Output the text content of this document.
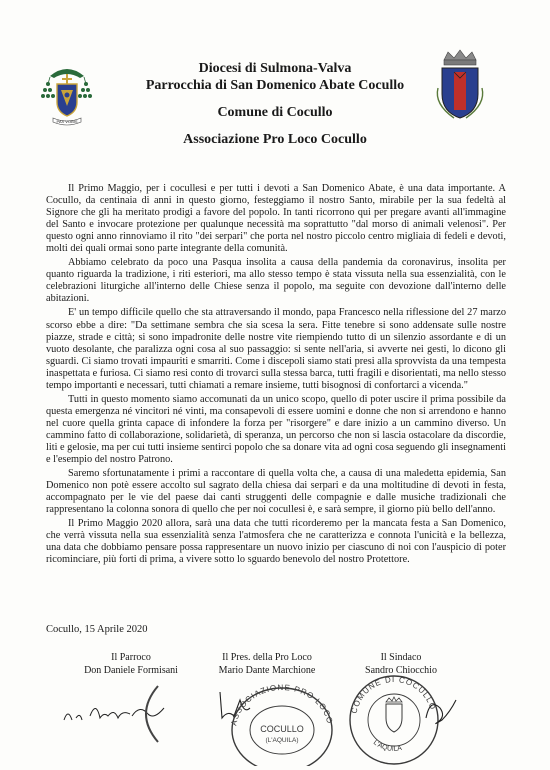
PAX VOBIS
Diocesi di Sulmona-Valva
Parrocchia di San Domenico Abate Cocullo
Comune di Cocullo
Associazione Pro Loco Cocullo

Il Primo Maggio, per i cocullesi e per tutti i devoti a San Domenico Abate, è una data importante. A Cocullo, da centinaia di anni in questo giorno, festeggiamo il nostro Santo, mirabile per la sua fedeltà al Signore che gli ha meritato prodigi a favore del popolo. In tanti ricorrono qui per pregare avanti all'immagine del Santo e invocare protezione per qualunque necessità ma soprattutto "dal morso di animali velenosi". Per questo ogni anno rinnoviamo il rito "dei serpari" che porta nel nostro piccolo centro migliaia di fedeli e devoti, molti dei quali ormai sono parte integrante della comunità.

Abbiamo celebrato da poco una Pasqua insolita a causa della pandemia da coronavirus, insolita per quanto riguarda la tradizione, i riti esteriori, ma allo stesso tempo è stata vissuta nella sua essenzialità, con le celebrazioni liturgiche all'interno delle Chiese senza il popolo, ma seguite con devozione dall'interno delle abitazioni.

E' un tempo difficile quello che sta attraversando il mondo, papa Francesco nella riflessione del 27 marzo scorso ebbe a dire: "Da settimane sembra che sia scesa la sera. Fitte tenebre si sono addensate sulle nostre piazze, strade e città; si sono impadronite delle nostre vite riempiendo tutto di un silenzio assordante e di un vuoto desolante, che paralizza ogni cosa al suo passaggio: si sente nell'aria, si avverte nei gesti, lo dicono gli sguardi. Ci siamo trovati impauriti e smarriti. Come i discepoli siamo stati presi alla sprovvista da una tempesta inaspettata e furiosa. Ci siamo resi conto di trovarci sulla stessa barca, tutti fragili e disorientati, ma nello stesso tempo importanti e necessari, tutti chiamati a remare insieme, tutti bisognosi di confortarci a vicenda."

Tutti in questo momento siamo accomunati da un unico scopo, quello di poter uscire il prima possibile da questa emergenza né vincitori né vinti, ma consapevoli di essere uomini e donne che non si arrendono e hanno nel cuore quella grinta capace di infondere la forza per "risorgere" e dare inizio a un cammino diverso. Un cammino fatto di collaborazione, solidarietà, di speranza, un percorso che non si lascia ostacolare da discordie, liti e gelosie, ma per cui tutti insieme sentirci popolo che sa donare vita ad ogni cosa seguendo gli insegnamenti e l'esempio del nostro Patrono.

Saremo sfortunatamente i primi a raccontare di quella volta che, a causa di una maledetta epidemia, San Domenico non potè essere accolto sul sagrato della chiesa dai serpari e da una moltitudine di devoti in festa, accompagnato per le vie del paese dai canti struggenti delle compagnie e dalle musiche tradizionali che rappresentano la colonna sonora di quello che per noi cocullesi è, e sarà sempre, il giorno più bello dell'anno.

Il Primo Maggio 2020 allora, sarà una data che tutti ricorderemo per la mancata festa a San Domenico, che verrà vissuta nella sua essenzialità senza l'atmosfera che ne caratterizza e connota l'unicità e la bellezza, una data che dobbiamo pensare possa rappresentare un nuovo inizio per ciascuno di noi con l'auspicio di poter ricominciare, più forti di prima, a vivere sotto lo sguardo benevolo del nostro Protettore.

Cocullo, 15 Aprile 2020
Il Parroco
Don Daniele Formisani
Il Pres. della Pro Loco
Mario Dante Marchione
Il Sindaco
Sandro Chiocchio
ASSOCIAZIONE PRO LOCO
COCULLO
(L'AQUILA)
COMUNE DI COCULLO
L'AQUILA
